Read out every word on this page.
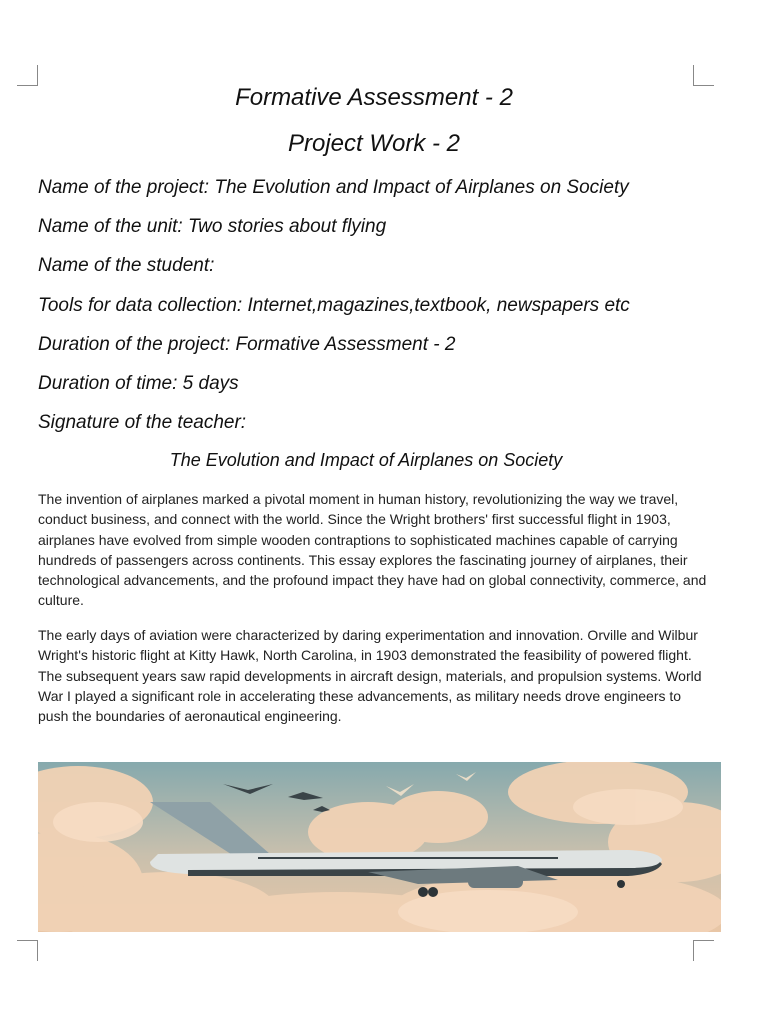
Formative Assessment - 2
Project Work - 2
Name of the project: The Evolution and Impact of Airplanes on Society
Name of the unit: Two stories about flying
Name of the student:
Tools for data collection: Internet,magazines,textbook, newspapers etc
Duration of the project: Formative Assessment - 2
Duration of time: 5 days
Signature of the teacher:
The Evolution and Impact of Airplanes on Society

The invention of airplanes marked a pivotal moment in human history, revolutionizing the way we travel, conduct business, and connect with the world. Since the Wright brothers' first successful flight in 1903, airplanes have evolved from simple wooden contraptions to sophisticated machines capable of carrying hundreds of passengers across continents. This essay explores the fascinating journey of airplanes, their technological advancements, and the profound impact they have had on global connectivity, commerce, and culture.

The early days of aviation were characterized by daring experimentation and innovation. Orville and Wilbur Wright's historic flight at Kitty Hawk, North Carolina, in 1903 demonstrated the feasibility of powered flight. The subsequent years saw rapid developments in aircraft design, materials, and propulsion systems. World War I played a significant role in accelerating these advancements, as military needs drove engineers to push the boundaries of aeronautical engineering.
